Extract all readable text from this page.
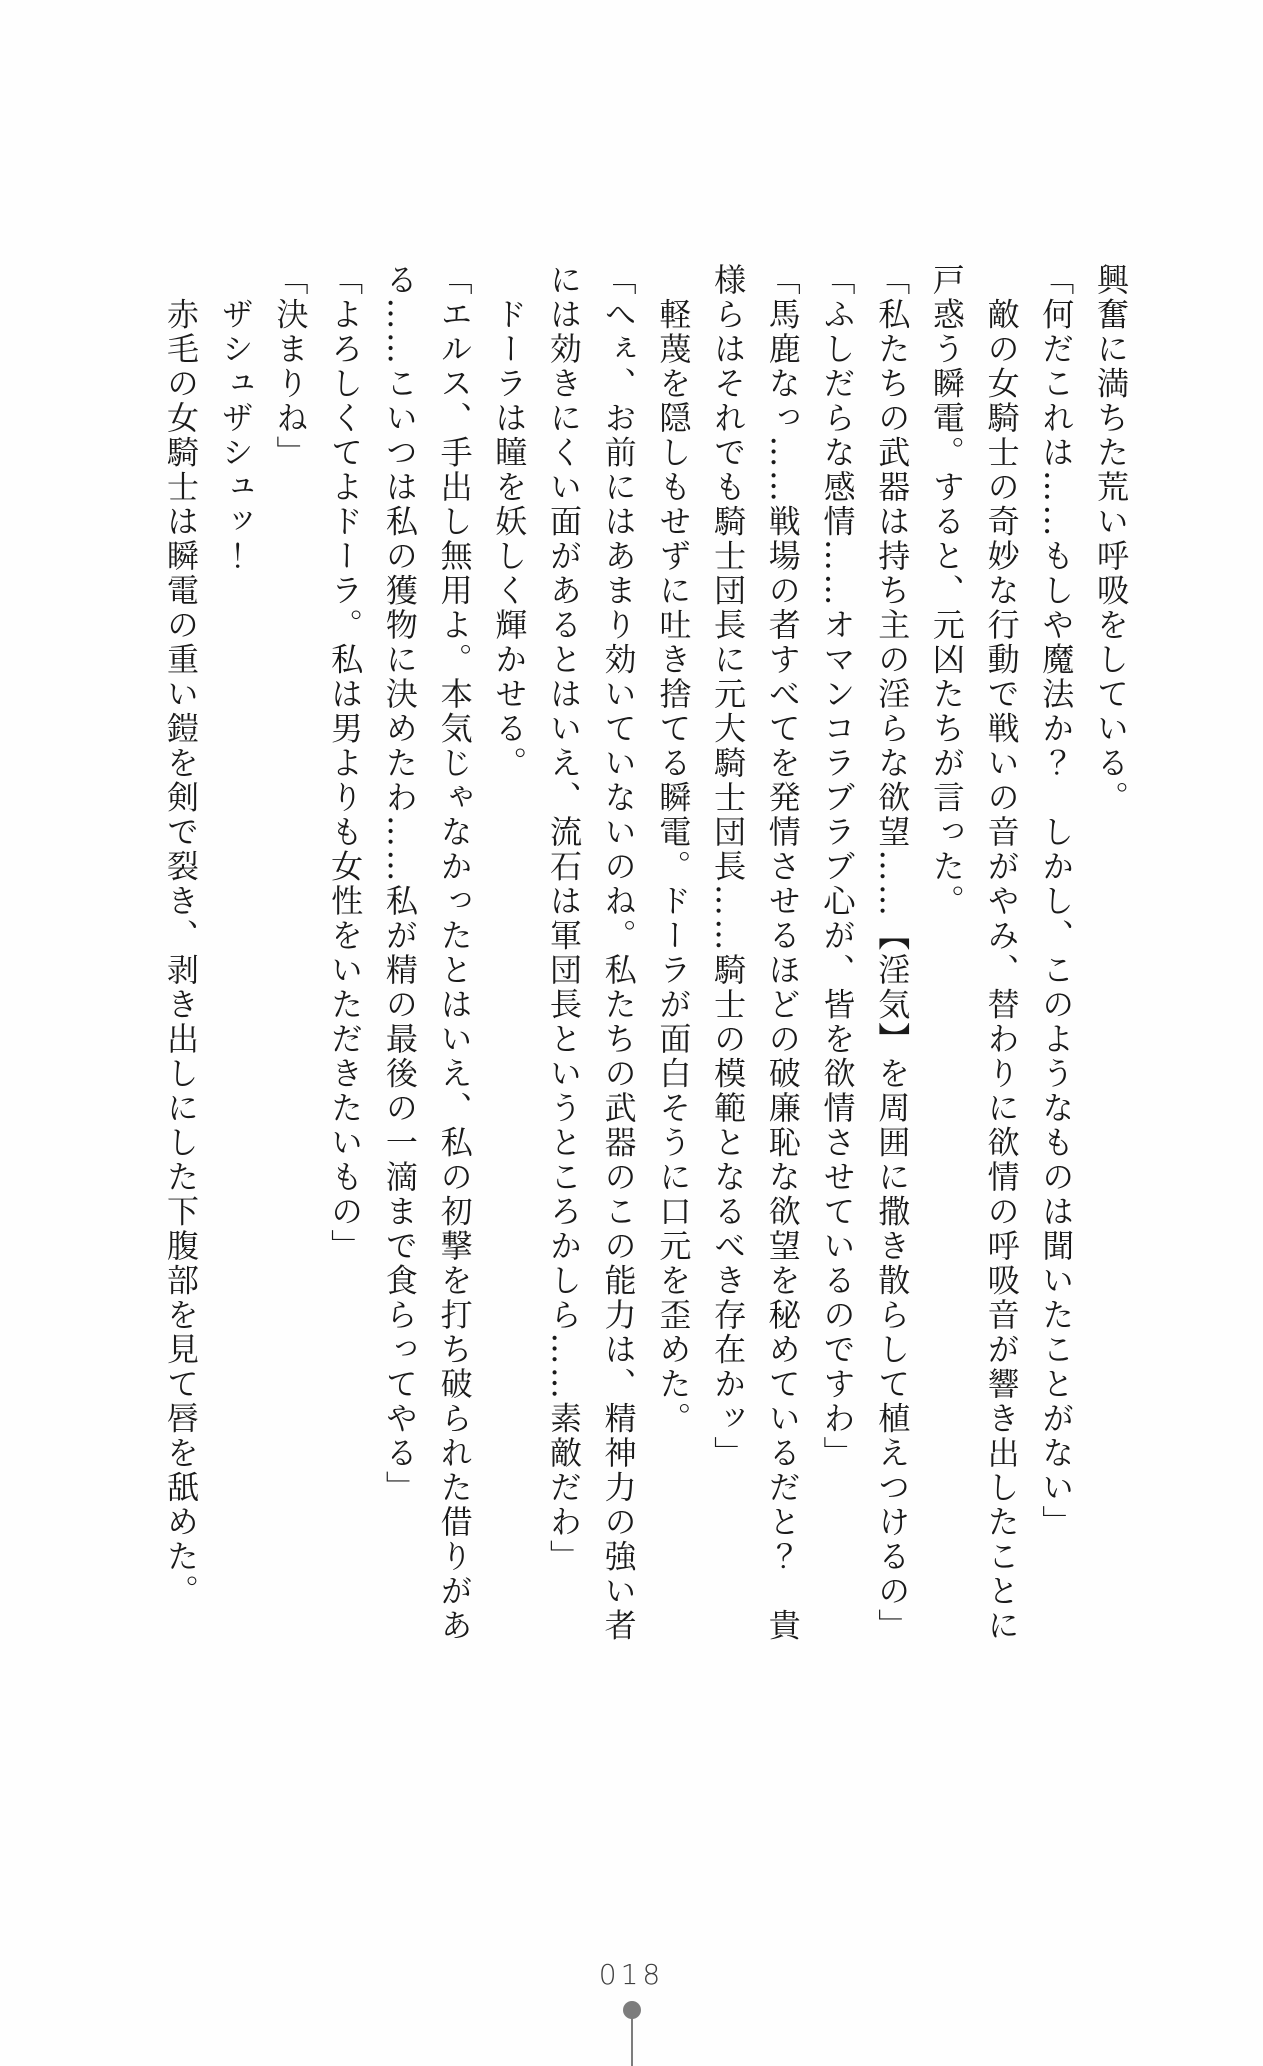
興奮に満ちた荒い呼吸をしている。

「何だこれは……もしや魔法か？　しかし、このようなものは聞いたことがない」

　敵の女騎士の奇妙な行動で戦いの音がやみ、替わりに欲情の呼吸音が響き出したことに

戸惑う瞬電。すると、元凶たちが言った。

「私たちの武器は持ち主の淫らな欲望……【淫気】を周囲に撒き散らして植えつけるの」

「ふしだらな感情……オマンコラブラブ心が、皆を欲情させているのですわ」

「馬鹿なっ……戦場の者すべてを発情させるほどの破廉恥な欲望を秘めているだと？　貴

様らはそれでも騎士団長に元大騎士団長……騎士の模範となるべき存在かッ」

　軽蔑を隠しもせずに吐き捨てる瞬電。ドーラが面白そうに口元を歪めた。

「へぇ、お前にはあまり効いていないのね。私たちの武器のこの能力は、精神力の強い者

には効きにくい面があるとはいえ、流石は軍団長というところかしら……素敵だわ」

　ドーラは瞳を妖しく輝かせる。

「エルス、手出し無用よ。本気じゃなかったとはいえ、私の初撃を打ち破られた借りがあ

る……こいつは私の獲物に決めたわ……私が精の最後の一滴まで食らってやる」

「よろしくてよドーラ。私は男よりも女性をいただきたいもの」

「決まりね」

　ザシュザシュッ！

　赤毛の女騎士は瞬電の重い鎧を剣で裂き、剥き出しにした下腹部を見て唇を舐めた。

018
